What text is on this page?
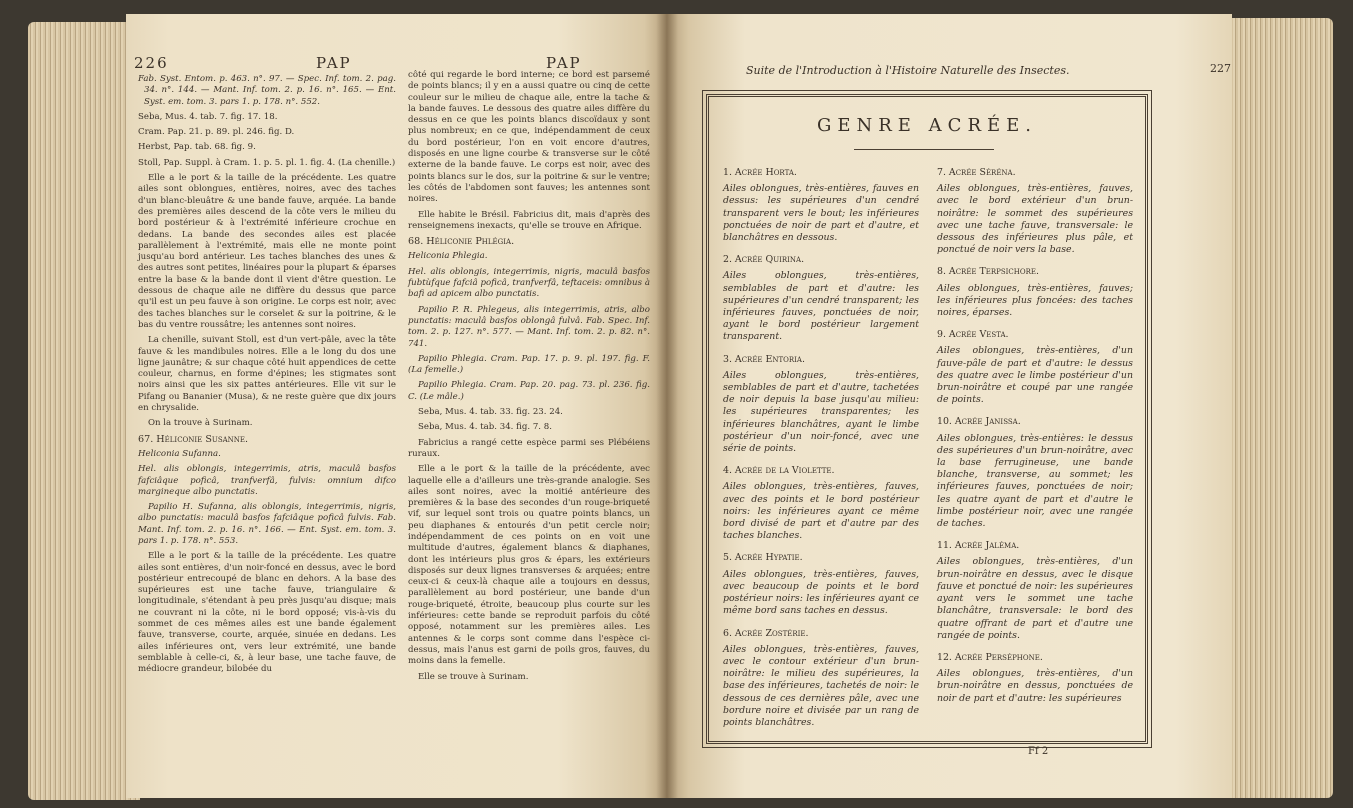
226	PAP	PAP

Fab. Syst. Entom. p. 463. n°. 97. — Spec. Inf. tom. 2. pag. 34. n°. 144. — Mant. Inf. tom. 2. p. 16. n°. 165. — Ent. Syst. em. tom. 3. pars 1. p. 178. n°. 552.

Seba, Mus. 4. tab. 7. fig. 17. 18.

Cram. Pap. 21. p. 89. pl. 246. fig. D.

Herbst, Pap. tab. 68. fig. 9.

Stoll, Pap. Suppl. à Cram. 1. p. 5. pl. 1. fig. 4. (La chenille.)

Elle a le port & la taille de la précédente. Les quatre ailes sont oblongues, entières, noires, avec des taches d'un blanc-bleuâtre & une bande fauve, arquée. La bande des premières ailes descend de la côte vers le milieu du bord postérieur & à l'extrémité inférieure crochue en dedans. La bande des secondes ailes est placée parallèlement à l'extrémité, mais elle ne monte point jusqu'au bord antérieur. Les taches blanches des unes & des autres sont petites, linéaires pour la plupart & éparses entre la base & la bande dont il vient d'être question. Le dessous de chaque aile ne diffère du dessus que parce qu'il est un peu fauve à son origine. Le corps est noir, avec des taches blanches sur le corselet & sur la poitrine, & le bas du ventre roussâtre; les antennes sont noires.

La chenille, suivant Stoll, est d'un vert-pâle, avec la tête fauve & les mandibules noires. Elle a le long du dos une ligne jaunâtre; & sur chaque côté huit appendices de cette couleur, charnus, en forme d'épines; les stigmates sont noirs ainsi que les six pattes antérieures. Elle vit sur le Pifang ou Bananier (Musa), & ne reste guère que dix jours en chrysalide.

On la trouve à Surinam.

67. Héliconie Susanne.

Heliconia Sufanna.

Hel. alis oblongis, integerrimis, atris, maculâ basfos fafciâque poficâ, tranfverfâ, fulvis: omnium difco margineque albo punctatis.

Papilio H. Sufanna, alis oblongis, integerrimis, nigris, albo punctatis: maculâ basfos fafciâque poficâ fulvis. Fab. Mant. Inf. tom. 2. p. 16. n°. 166. — Ent. Syst. em. tom. 3. pars 1. p. 178. n°. 553.

Elle a le port & la taille de la précédente. Les quatre ailes sont entières, d'un noir-foncé en dessus, avec le bord postérieur entrecoupé de blanc en dehors. A la base des supérieures est une tache fauve, triangulaire & longitudinale, s'étendant à peu près jusqu'au disque; mais ne couvrant ni la côte, ni le bord opposé; vis-à-vis du sommet de ces mêmes ailes est une bande également fauve, transverse, courte, arquée, sinuée en dedans. Les ailes inférieures ont, vers leur extrémité, une bande semblable à celle-ci, &, à leur base, une tache fauve, de médiocre grandeur, bilobée du

côté qui regarde le bord interne; ce bord est parsemé de points blancs; il y en a aussi quatre ou cinq de cette couleur sur le milieu de chaque aile, entre la tache & la bande fauves. Le dessous des quatre ailes diffère du dessus en ce que les points blancs discoïdaux y sont plus nombreux; en ce que, indépendamment de ceux du bord postérieur, l'on en voit encore d'autres, disposés en une ligne courbe & transverse sur le côté externe de la bande fauve. Le corps est noir, avec des points blancs sur le dos, sur la poitrine & sur le ventre; les côtés de l'abdomen sont fauves; les antennes sont noires.

Elle habite le Brésil. Fabricius dit, mais d'après des renseignemens inexacts, qu'elle se trouve en Afrique.

68. Héliconie Phlégia.

Heliconia Phlegia.

Hel. alis oblongis, integerrimis, nigris, maculâ basfos fubtùfque fafciâ poficâ, tranfverfâ, teftaceis: omnibus à bafi ad apicem albo punctatis.

Papilio P. R. Phlegeus, alis integerrimis, atris, albo punctatis: maculâ basfos oblongâ fulvâ. Fab. Spec. Inf. tom. 2. p. 127. n°. 577. — Mant. Inf. tom. 2. p. 82. n°. 741.

Papilio Phlegia. Cram. Pap. 17. p. 9. pl. 197. fig. F. (La femelle.)

Papilio Phlegia. Cram. Pap. 20. pag. 73. pl. 236. fig. C. (Le mâle.)

Seba, Mus. 4. tab. 33. fig. 23. 24.

Seba, Mus. 4. tab. 34. fig. 7. 8.

Fabricius a rangé cette espèce parmi ses Plébéiens ruraux.

Elle a le port & la taille de la précédente, avec laquelle elle a d'ailleurs une très-grande analogie. Ses ailes sont noires, avec la moitié antérieure des premières & la base des secondes d'un rouge-briqueté vif, sur lequel sont trois ou quatre points blancs, un peu diaphanes & entourés d'un petit cercle noir; indépendamment de ces points on en voit une multitude d'autres, également blancs & diaphanes, dont les intérieurs plus gros & épars, les extérieurs disposés sur deux lignes transverses & arquées; entre ceux-ci & ceux-là chaque aile a toujours en dessus, parallèlement au bord postérieur, une bande d'un rouge-briqueté, étroite, beaucoup plus courte sur les inférieures: cette bande se reproduit parfois du côté opposé, notamment sur les premières ailes. Les antennes & le corps sont comme dans l'espèce ci-dessus, mais l'anus est garni de poils gros, fauves, du moins dans la femelle.

Elle se trouve à Surinam.

Suite de l'Introduction à l'Histoire Naturelle des Insectes.	227
GENRE ACRÉE.
1. Acrée Horta.
Ailes oblongues, très-entières, fauves en dessus: les supérieures d'un cendré transparent vers le bout; les inférieures ponctuées de noir de part et d'autre, et blanchâtres en dessous.
2. Acrée Quirina.
Ailes oblongues, très-entières, semblables de part et d'autre: les supérieures d'un cendré transparent; les inférieures fauves, ponctuées de noir, ayant le bord postérieur largement transparent.
3. Acrée Entoria.
Ailes oblongues, très-entières, semblables de part et d'autre, tachetées de noir depuis la base jusqu'au milieu: les supérieures transparentes; les inférieures blanchâtres, ayant le limbe postérieur d'un noir-foncé, avec une série de points.
4. Acrée de la Violette.
Ailes oblongues, très-entières, fauves, avec des points et le bord postérieur noirs: les inférieures ayant ce même bord divisé de part et d'autre par des taches blanches.
5. Acrée Hypatie.
Ailes oblongues, très-entières, fauves, avec beaucoup de points et le bord postérieur noirs: les inférieures ayant ce même bord sans taches en dessus.
6. Acrée Zostérie.
Ailes oblongues, très-entières, fauves, avec le contour extérieur d'un brun-noirâtre: le milieu des supérieures, la base des inférieures, tachetés de noir: le dessous de ces dernières pâle, avec une bordure noire et divisée par un rang de points blanchâtres.
7. Acrée Séréna.
Ailes oblongues, très-entières, fauves, avec le bord extérieur d'un brun-noirâtre: le sommet des supérieures avec une tache fauve, transversale: le dessous des inférieures plus pâle, et ponctué de noir vers la base.
8. Acrée Terpsichore.
Ailes oblongues, très-entières, fauves; les inférieures plus foncées: des taches noires, éparses.
9. Acrée Vesta.
Ailes oblongues, très-entières, d'un fauve-pâle de part et d'autre: le dessus des quatre avec le limbe postérieur d'un brun-noirâtre et coupé par une rangée de points.
10. Acrée Janissa.
Ailes oblongues, très-entières: le dessus des supérieures d'un brun-noirâtre, avec la base ferrugineuse, une bande blanche, transverse, au sommet; les inférieures fauves, ponctuées de noir; les quatre ayant de part et d'autre le limbe postérieur noir, avec une rangée de taches.
11. Acrée Jaléma.
Ailes oblongues, très-entières, d'un brun-noirâtre en dessus, avec le disque fauve et ponctué de noir: les supérieures ayant vers le sommet une tache blanchâtre, transversale: le bord des quatre offrant de part et d'autre une rangée de points.
12. Acrée Perséphone.
Ailes oblongues, très-entières, d'un brun-noirâtre en dessus, ponctuées de noir de part et d'autre: les supérieures
Ff 2
